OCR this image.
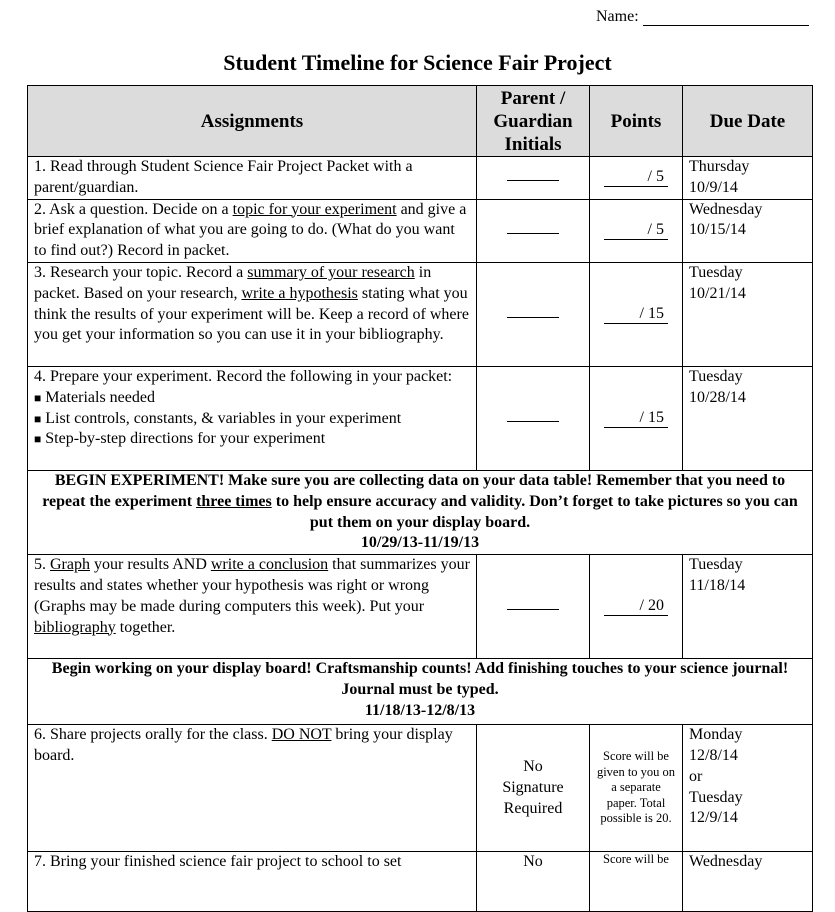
Name:
Student Timeline for Science Fair Project
Assignments	Parent /
Guardian
Initials	Points	Due Date
1. Read through Student Science Fair Project Packet with a parent/guardian.		/ 5	Thursday
10/9/14
2. Ask a question. Decide on a topic for your experiment and give a brief explanation of what you are going to do. (What do you want to find out?) Record in packet.		/ 5	Wednesday
10/15/14
3. Research your topic. Record a summary of your research in packet. Based on your research, write a hypothesis stating what you think the results of your experiment will be. Keep a record of where you get your information so you can use it in your bibliography.		/ 15	Tuesday
10/21/14
4. Prepare your experiment. Record the following in your packet:
■ Materials needed
■ List controls, constants, & variables in your experiment
■ Step-by-step directions for your experiment		/ 15	Tuesday
10/28/14
BEGIN EXPERIMENT! Make sure you are collecting data on your data table! Remember that you need to repeat the experiment three times to help ensure accuracy and validity. Don’t forget to take pictures so you can put them on your display board.
10/29/13-11/19/13			
5. Graph your results AND write a conclusion that summarizes your results and states whether your hypothesis was right or wrong (Graphs may be made during computers this week). Put your bibliography together.		/ 20	Tuesday
11/18/14
Begin working on your display board! Craftsmanship counts! Add finishing touches to your science journal! Journal must be typed.
11/18/13-12/8/13			
6. Share projects orally for the class. DO NOT bring your display board.	No
Signature
Required	Score will be given to you on a separate paper. Total possible is 20.	Monday
12/8/14
or
Tuesday
12/9/14
7. Bring your finished science fair project to school to set	No	Score will be	Wednesday
